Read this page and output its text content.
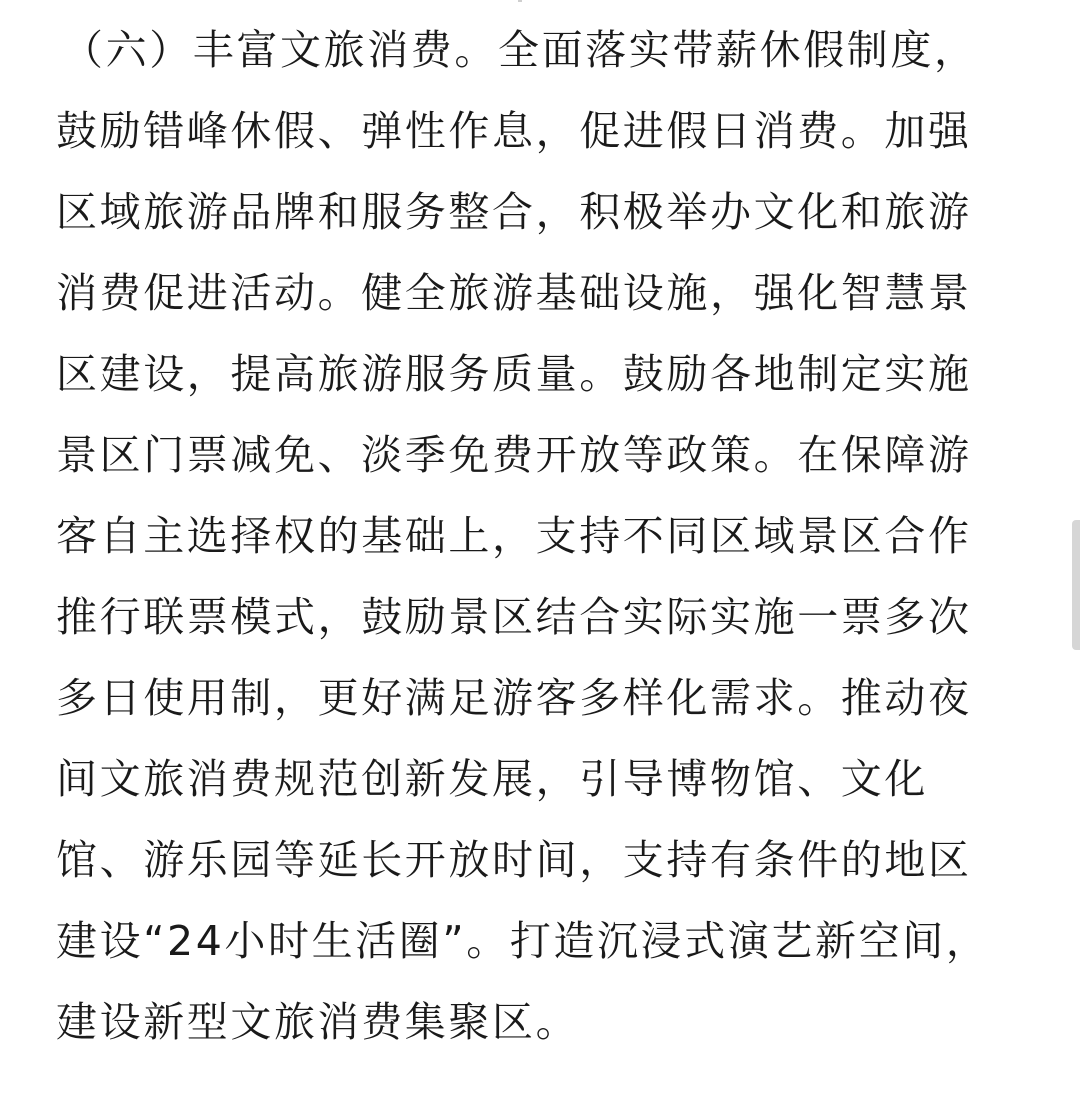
（六）丰富文旅消费。全面落实带薪休假制度，
鼓励错峰休假、弹性作息，促进假日消费。加强
区域旅游品牌和服务整合，积极举办文化和旅游
消费促进活动。健全旅游基础设施，强化智慧景
区建设，提高旅游服务质量。鼓励各地制定实施
景区门票减免、淡季免费开放等政策。在保障游
客自主选择权的基础上，支持不同区域景区合作
推行联票模式，鼓励景区结合实际实施一票多次
多日使用制，更好满足游客多样化需求。推动夜
间文旅消费规范创新发展，引导博物馆、文化
馆、游乐园等延长开放时间，支持有条件的地区
建设“24小时生活圈”。打造沉浸式演艺新空间，
建设新型文旅消费集聚区。
